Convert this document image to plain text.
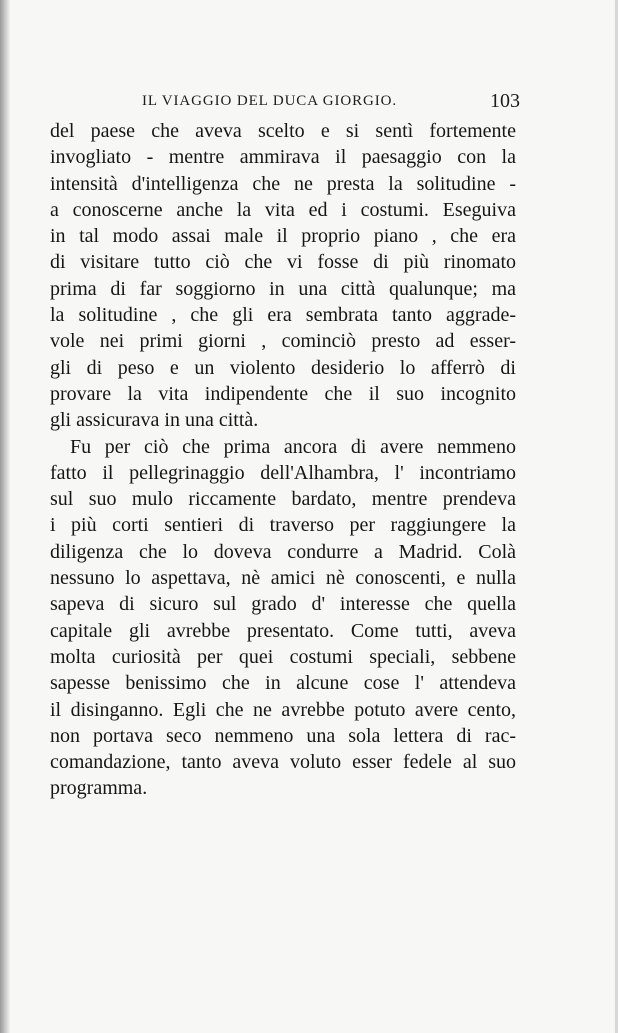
IL VIAGGIO DEL DUCA GIORGIO.	103
del paese che aveva scelto e si sentì fortemente
invogliato - mentre ammirava il paesaggio con la
intensità d'intelligenza che ne presta la solitudine -
a conoscerne anche la vita ed i costumi. Eseguiva
in tal modo assai male il proprio piano , che era
di visitare tutto ciò che vi fosse di più rinomato
prima di far soggiorno in una città qualunque; ma
la solitudine , che gli era sembrata tanto aggrade-
vole nei primi giorni , cominciò presto ad esser-
gli di peso e un violento desiderio lo afferrò di
provare la vita indipendente che il suo incognito
gli assicurava in una città.
Fu per ciò che prima ancora di avere nemmeno
fatto il pellegrinaggio dell'Alhambra, l' incontriamo
sul suo mulo riccamente bardato, mentre prendeva
i più corti sentieri di traverso per raggiungere la
diligenza che lo doveva condurre a Madrid. Colà
nessuno lo aspettava, nè amici nè conoscenti, e nulla
sapeva di sicuro sul grado d' interesse che quella
capitale gli avrebbe presentato. Come tutti, aveva
molta curiosità per quei costumi speciali, sebbene
sapesse benissimo che in alcune cose l' attendeva
il disinganno. Egli che ne avrebbe potuto avere cento,
non portava seco nemmeno una sola lettera di rac-
comandazione, tanto aveva voluto esser fedele al suo
programma.
